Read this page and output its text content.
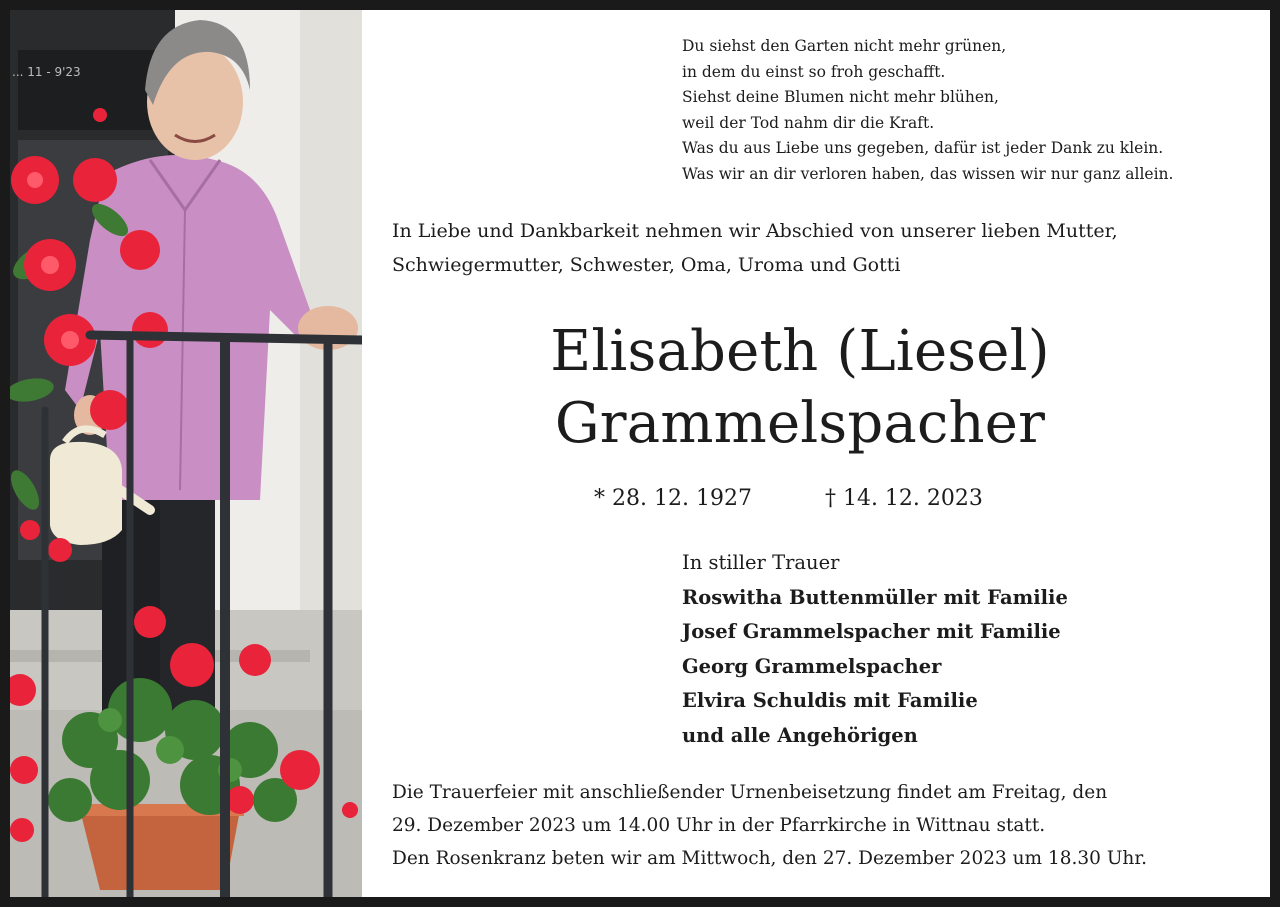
... 11 - 9'23
Du siehst den Garten nicht mehr grünen,
in dem du einst so froh geschafft.
Siehst deine Blumen nicht mehr blühen,
weil der Tod nahm dir die Kraft.
Was du aus Liebe uns gegeben, dafür ist jeder Dank zu klein.
Was wir an dir verloren haben, das wissen wir nur ganz allein.
In Liebe und Dankbarkeit nehmen wir Abschied von unserer lieben Mutter,
Schwiegermutter, Schwester, Oma, Uroma und Gotti
Elisabeth (Liesel)
Grammelspacher
* 28. 12. 1927	† 14. 12. 2023
In stiller Trauer
Roswitha Buttenmüller mit Familie
Josef Grammelspacher mit Familie
Georg Grammelspacher
Elvira Schuldis mit Familie
und alle Angehörigen
Die Trauerfeier mit anschließender Urnenbeisetzung findet am Freitag, den
29. Dezember 2023 um 14.00 Uhr in der Pfarrkirche in Wittnau statt.
Den Rosenkranz beten wir am Mittwoch, den 27. Dezember 2023 um 18.30 Uhr.
